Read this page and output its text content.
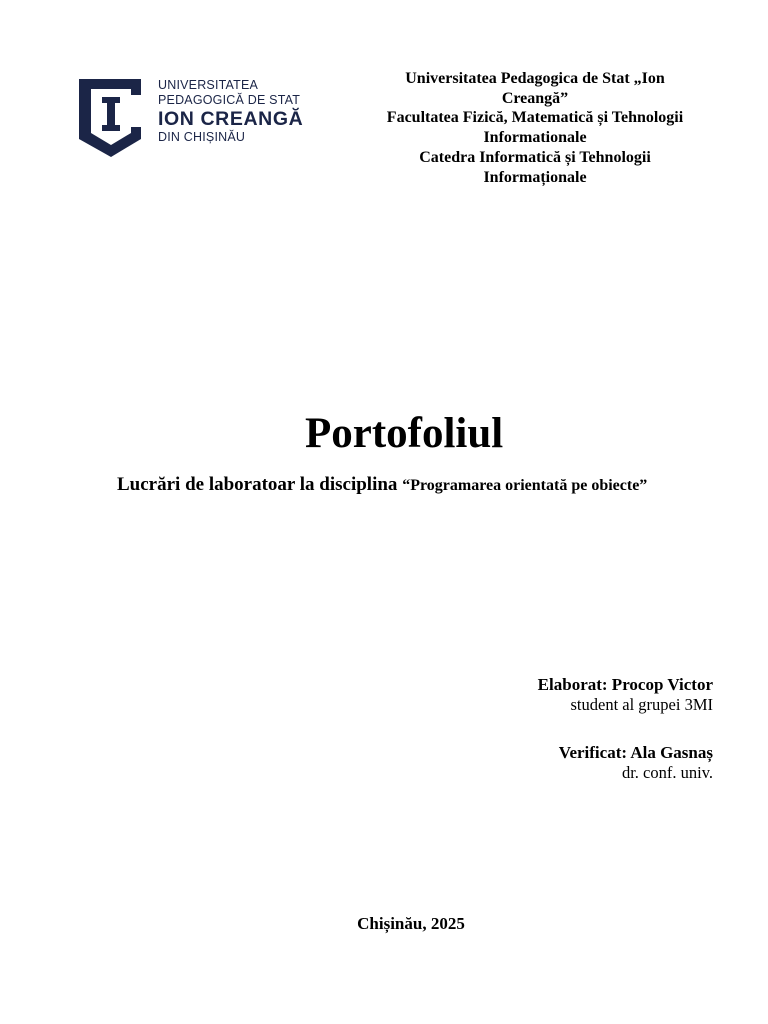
UNIVERSITATEA
PEDAGOGICĂ DE STAT
ION CREANGĂ
DIN CHIȘINĂU
Universitatea Pedagogica de Stat „Ion
Creangă”
Facultatea Fizică, Matematică și Tehnologii
Informationale
Catedra Informatică și Tehnologii
Informaționale
Portofoliul
Lucrări de laboratoar la disciplina “Programarea orientată pe obiecte”
Elaborat: Procop Victor
student al grupei 3MI
Verificat: Ala Gasnaș
dr. conf. univ.
Chișinău, 2025
